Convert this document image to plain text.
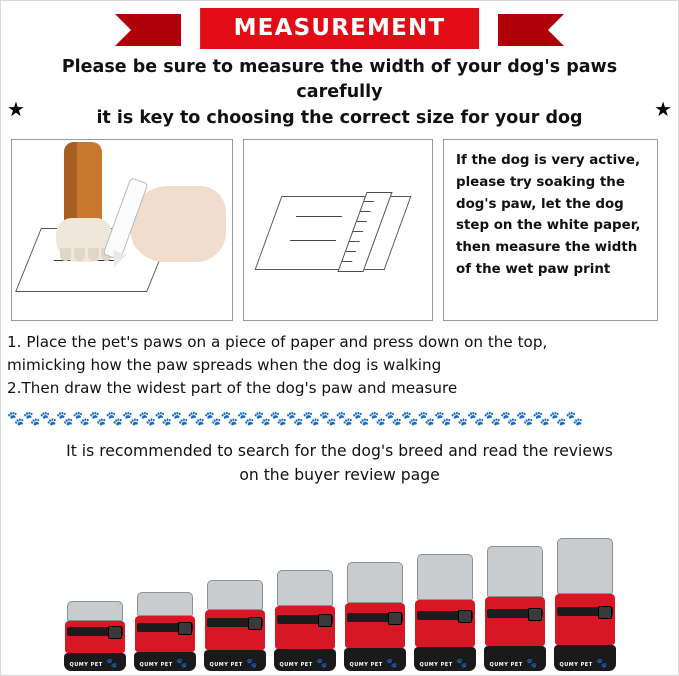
MEASUREMENT
★	★
Please be sure to measure the width of your dog's paws carefully
it is key to choosing the correct size for your dog
If the dog is very active, please try soaking the dog's paw, let the dog step on the white paper, then measure the width of the wet paw print
1. Place the pet's paws on a piece of paper and press down on the top,
mimicking how the paw spreads when the dog is walking
2.Then draw the widest part of the dog's paw and measure
🐾🐾🐾🐾🐾🐾🐾🐾🐾🐾🐾🐾🐾🐾🐾🐾🐾🐾🐾🐾🐾🐾🐾🐾🐾🐾🐾🐾🐾🐾🐾🐾🐾🐾🐾
It is recommended to search for the dog's breed and read the reviews
on the buyer review page
QUMY PET 🐾	QUMY PET 🐾	QUMY PET 🐾	QUMY PET 🐾	QUMY PET 🐾	QUMY PET 🐾	QUMY PET 🐾	QUMY PET 🐾
